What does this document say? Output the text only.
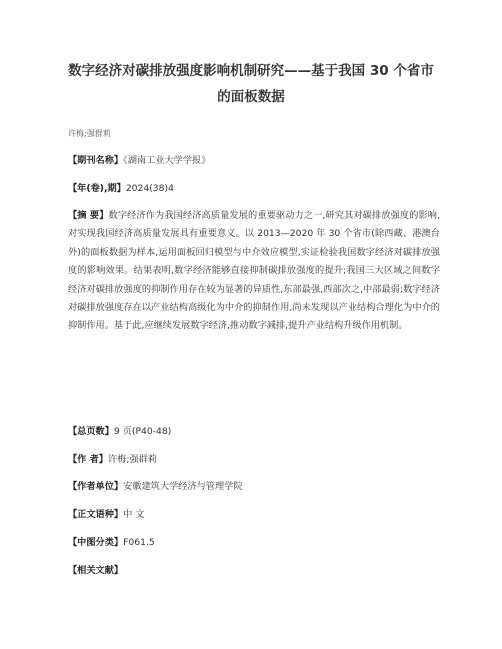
数字经济对碳排放强度影响机制研究——基于我国 30 个省市
的面板数据
许梅;强群莉
【期刊名称】《湖南工业大学学报》
【年(卷),期】2024(38)4
【摘 要】数字经济作为我国经济高质量发展的重要驱动力之一,研究其对碳排放强度的影响,对实现我国经济高质量发展具有重要意义。以 2013—2020 年 30 个省市(除西藏、港澳台外)的面板数据为样本,运用面板回归模型与中介效应模型,实证检验我国数字经济对碳排放强度的影响效果。结果表明,数字经济能够直接抑制碳排放强度的提升;我国三大区域之间数字经济对碳排放强度的抑制作用存在较为显著的异质性,东部最强,西部次之,中部最弱;数字经济对碳排放强度存在以产业结构高级化为中介的抑制作用,尚未发现以产业结构合理化为中介的抑制作用。基于此,应继续发展数字经济,推动数字减排,提升产业结构升级作用机制。
【总页数】9 页(P40-48)
【作 者】许梅;强群莉
【作者单位】安徽建筑大学经济与管理学院
【正文语种】中 文
【中图分类】F061.5
【相关文献】
